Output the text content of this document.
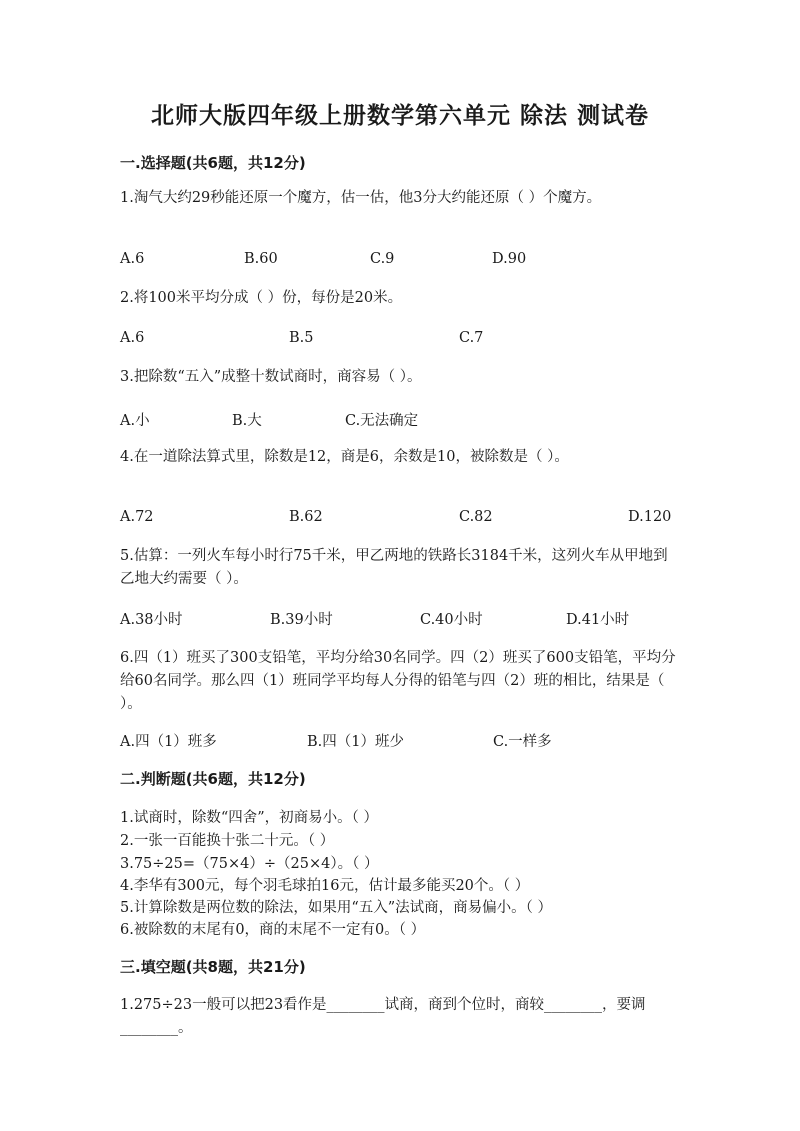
北师大版四年级上册数学第六单元 除法 测试卷
一.选择题(共6题，共12分)
1.淘气大约29秒能还原一个魔方，估一估，他3分大约能还原（ ）个魔方。
A.6	B.60	C.9	D.90
2.将100米平均分成（ ）份，每份是20米。
A.6	B.5	C.7
3.把除数“五入”成整十数试商时，商容易（ ）。
A.小	B.大	C.无法确定
4.在一道除法算式里，除数是12，商是6，余数是10，被除数是（ ）。
A.72	B.62	C.82	D.120
5.估算：一列火车每小时行75千米，甲乙两地的铁路长3184千米，这列火车从甲地到乙地大约需要（ ）。
A.38小时	B.39小时	C.40小时	D.41小时
6.四（1）班买了300支铅笔，平均分给30名同学。四（2）班买了600支铅笔，平均分给60名同学。那么四（1）班同学平均每人分得的铅笔与四（2）班的相比，结果是（ ）。
A.四（1）班多	B.四（1）班少	C.一样多
二.判断题(共6题，共12分)
1.试商时，除数“四舍”，初商易小。（ ）
2.一张一百能换十张二十元。（ ）
3.75÷25=（75×4）÷（25×4）。（ ）
4.李华有300元，每个羽毛球拍16元，估计最多能买20个。（ ）
5.计算除数是两位数的除法，如果用“五入”法试商，商易偏小。（ ）
6.被除数的末尾有0，商的末尾不一定有0。（ ）
三.填空题(共8题，共21分)
1.275÷23一般可以把23看作是________试商，商到个位时，商较________，要调________。
